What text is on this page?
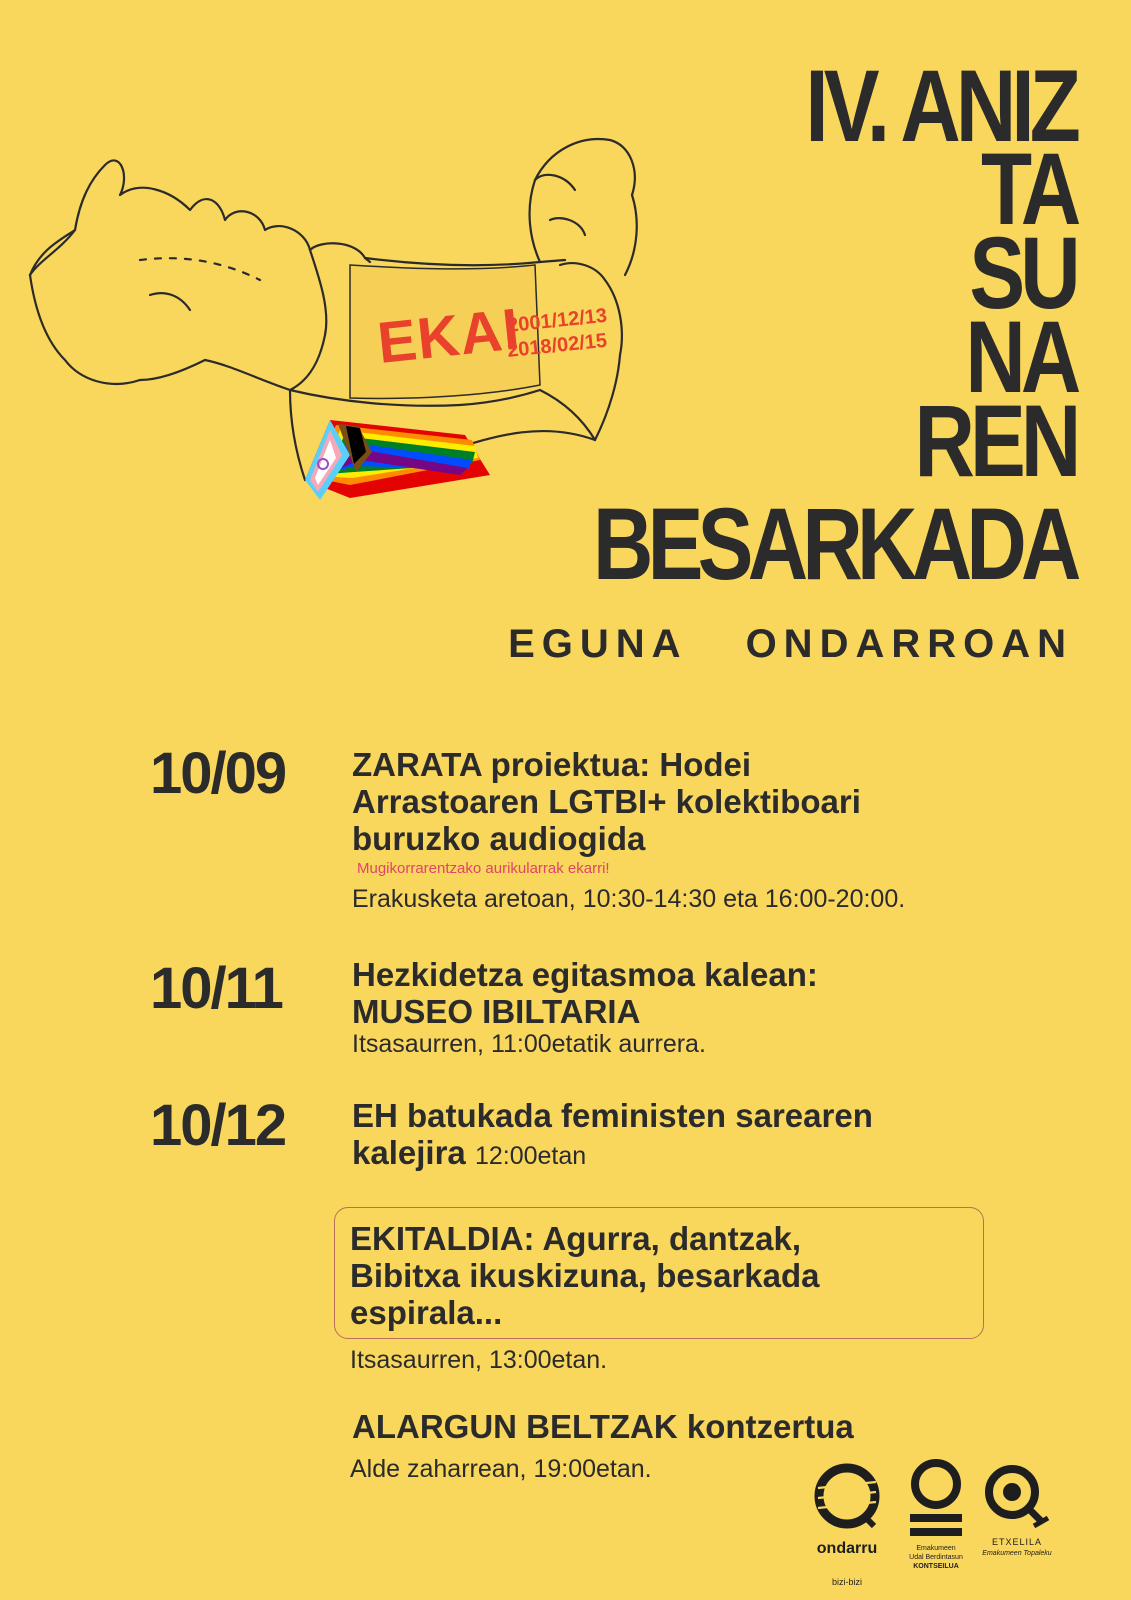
EKAI
2001/12/13
2018/02/15
IV. ANIZ
TA
SU
NA
REN
BESARKADA
EGUNA ONDARROAN
10/09 ZARATA proiektua: Hodei
Arrastoaren LGTBI+ kolektiboari
buruzko audiogida
Mugikorrarentzako aurikularrak ekarri!
Erakusketa aretoan, 10:30-14:30 eta 16:00-20:00.
10/11 Hezkidetza egitasmoa kalean:
MUSEO IBILTARIA
Itsasaurren, 11:00etatik aurrera.
10/12 EH batukada feministen sarearen
kalejira 12:00etan
EKITALDIA: Agurra, dantzak,
Bibitxa ikuskizuna, besarkada
espirala...
Itsasaurren, 13:00etan.
ALARGUN BELTZAK kontzertua
Alde zaharrean, 19:00etan.
ondarru
bizi-bizi
Emakumeen
Udal Berdintasun
KONTSEILUA
ETXELILA
Emakumeen Topaleku
